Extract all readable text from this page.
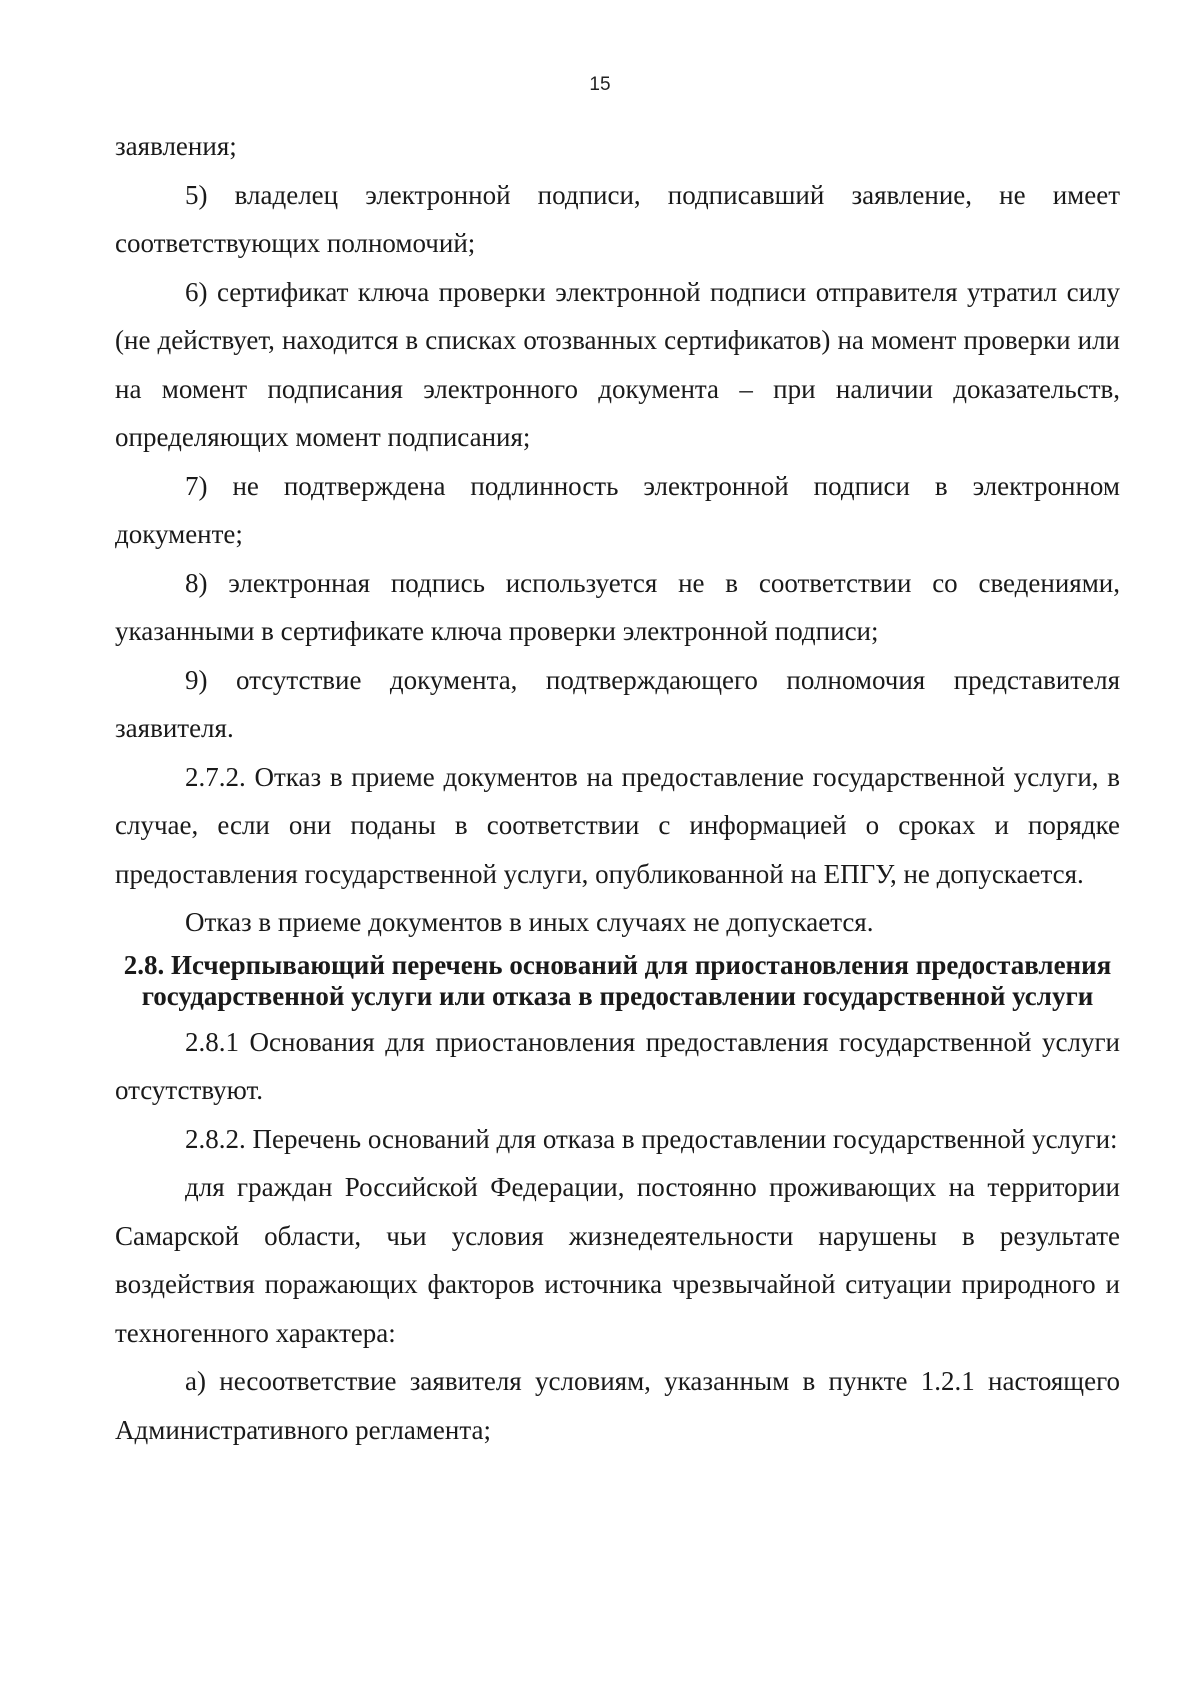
15

заявления;

5) владелец электронной подписи, подписавший заявление, не имеет соответствующих полномочий;

6) сертификат ключа проверки электронной подписи отправителя утратил силу (не действует, находится в списках отозванных сертификатов) на момент проверки или на момент подписания электронного документа – при наличии доказательств, определяющих момент подписания;

7) не подтверждена подлинность электронной подписи в электронном документе;

8) электронная подпись используется не в соответствии со сведениями, указанными в сертификате ключа проверки электронной подписи;

9) отсутствие документа, подтверждающего полномочия представителя заявителя.

2.7.2. Отказ в приеме документов на предоставление государственной услуги, в случае, если они поданы в соответствии с информацией о сроках и порядке предоставления государственной услуги, опубликованной на ЕПГУ, не допускается.

Отказ в приеме документов в иных случаях не допускается.

2.8. Исчерпывающий перечень оснований для приостановления предоставления государственной услуги или отказа в предоставлении государственной услуги

2.8.1 Основания для приостановления предоставления государственной услуги отсутствуют.

2.8.2. Перечень оснований для отказа в предоставлении государственной услуги:

для граждан Российской Федерации, постоянно проживающих на территории Самарской области, чьи условия жизнедеятельности нарушены в результате воздействия поражающих факторов источника чрезвычайной ситуации природного и техногенного характера:

а) несоответствие заявителя условиям, указанным в пункте 1.2.1 настоящего Административного регламента;
